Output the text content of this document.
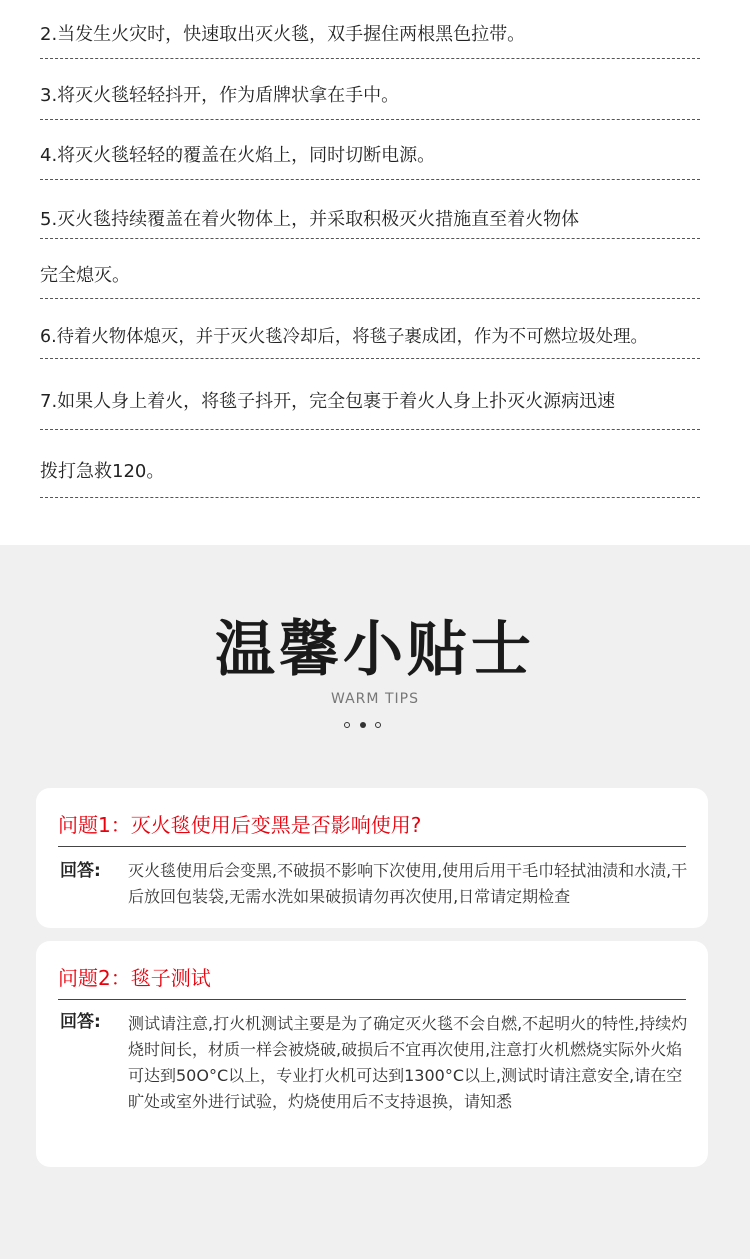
2.当发生火灾时，快速取出灭火毯，双手握住两根黑色拉带。
3.将灭火毯轻轻抖开，作为盾牌状拿在手中。
4.将灭火毯轻轻的覆盖在火焰上，同时切断电源。
5.灭火毯持续覆盖在着火物体上，并采取积极灭火措施直至着火物体
完全熄灭。
6.待着火物体熄灭，并于灭火毯冷却后，将毯子裹成团，作为不可燃垃圾处理。
7.如果人身上着火，将毯子抖开，完全包裹于着火人身上扑灭火源病迅速
拨打急救120。
温馨小贴士
WARM TIPS
问题1：灭火毯使用后变黑是否影响使用?
回答: 灭火毯使用后会变黑,不破损不影响下次使用,使用后用干毛巾轻拭油渍和水渍,干后放回包装袋,无需水洗如果破损请勿再次使用,日常请定期检查
问题2：毯子测试
回答: 测试请注意,打火机测试主要是为了确定灭火毯不会自燃,不起明火的特性,持续灼烧时间长，材质一样会被烧破,破损后不宜再次使用,注意打火机燃烧实际外火焰可达到50O°C以上，专业打火机可达到1300°C以上,测试时请注意安全,请在空旷处或室外进行试验，灼烧使用后不支持退换，请知悉
